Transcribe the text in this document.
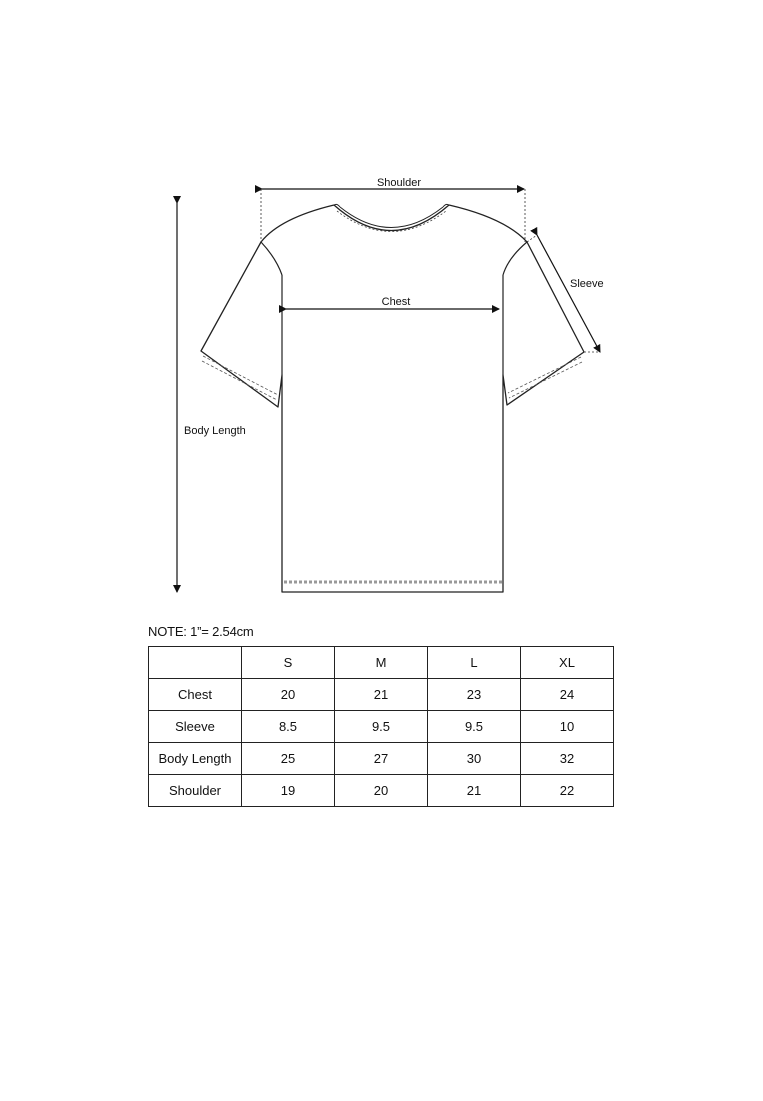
Shoulder
Chest
Sleeve
Body Length
NOTE: 1”= 2.54cm
	S	M	L	XL
Chest	20	21	23	24
Sleeve	8.5	9.5	9.5	10
Body Length	25	27	30	32
Shoulder	19	20	21	22
